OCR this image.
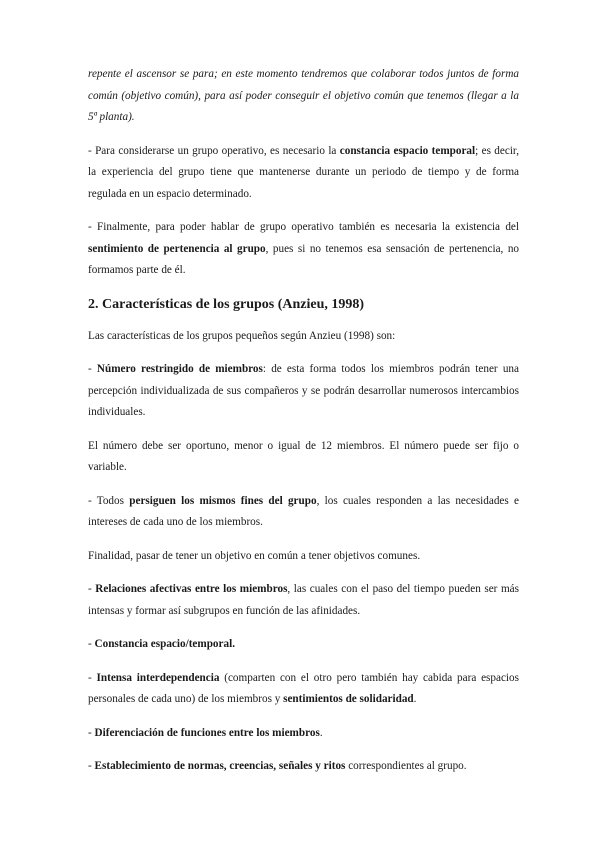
repente el ascensor se para; en este momento tendremos que colaborar todos juntos de forma común (objetivo común), para así poder conseguir el objetivo común que tenemos (llegar a la 5ª planta).

- Para considerarse un grupo operativo, es necesario la constancia espacio temporal; es decir, la experiencia del grupo tiene que mantenerse durante un periodo de tiempo y de forma regulada en un espacio determinado.

- Finalmente, para poder hablar de grupo operativo también es necesaria la existencia del sentimiento de pertenencia al grupo, pues si no tenemos esa sensación de pertenencia, no formamos parte de él.

2. Características de los grupos (Anzieu, 1998)

Las características de los grupos pequeños según Anzieu (1998) son:

- Número restringido de miembros: de esta forma todos los miembros podrán tener una percepción individualizada de sus compañeros y se podrán desarrollar numerosos intercambios individuales.

El número debe ser oportuno, menor o igual de 12 miembros. El número puede ser fijo o variable.

- Todos persiguen los mismos fines del grupo, los cuales responden a las necesidades e intereses de cada uno de los miembros.

Finalidad, pasar de tener un objetivo en común a tener objetivos comunes.

- Relaciones afectivas entre los miembros, las cuales con el paso del tiempo pueden ser más intensas y formar así subgrupos en función de las afinidades.

- Constancia espacio/temporal.

- Intensa interdependencia (comparten con el otro pero también hay cabida para espacios personales de cada uno) de los miembros y sentimientos de solidaridad.

- Diferenciación de funciones entre los miembros.

- Establecimiento de normas, creencias, señales y ritos correspondientes al grupo.
